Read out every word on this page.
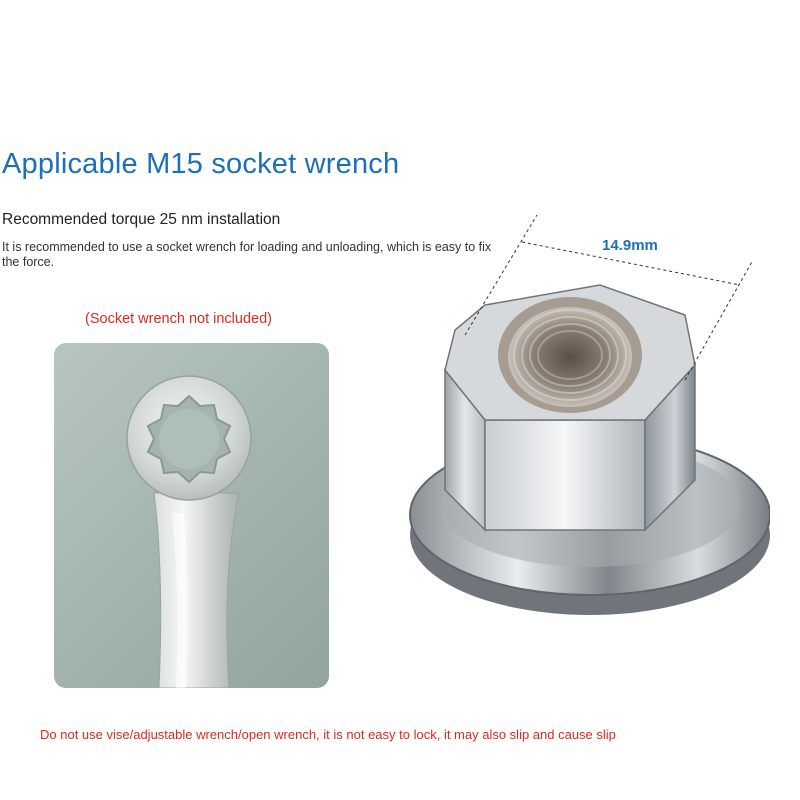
Applicable M15 socket wrench
Recommended torque 25 nm installation
It is recommended to use a socket wrench for loading and unloading, which is easy to fix the force.
(Socket wrench not included)
14.9mm
Do not use vise/adjustable wrench/open wrench, it is not easy to lock, it may also slip and cause slip
